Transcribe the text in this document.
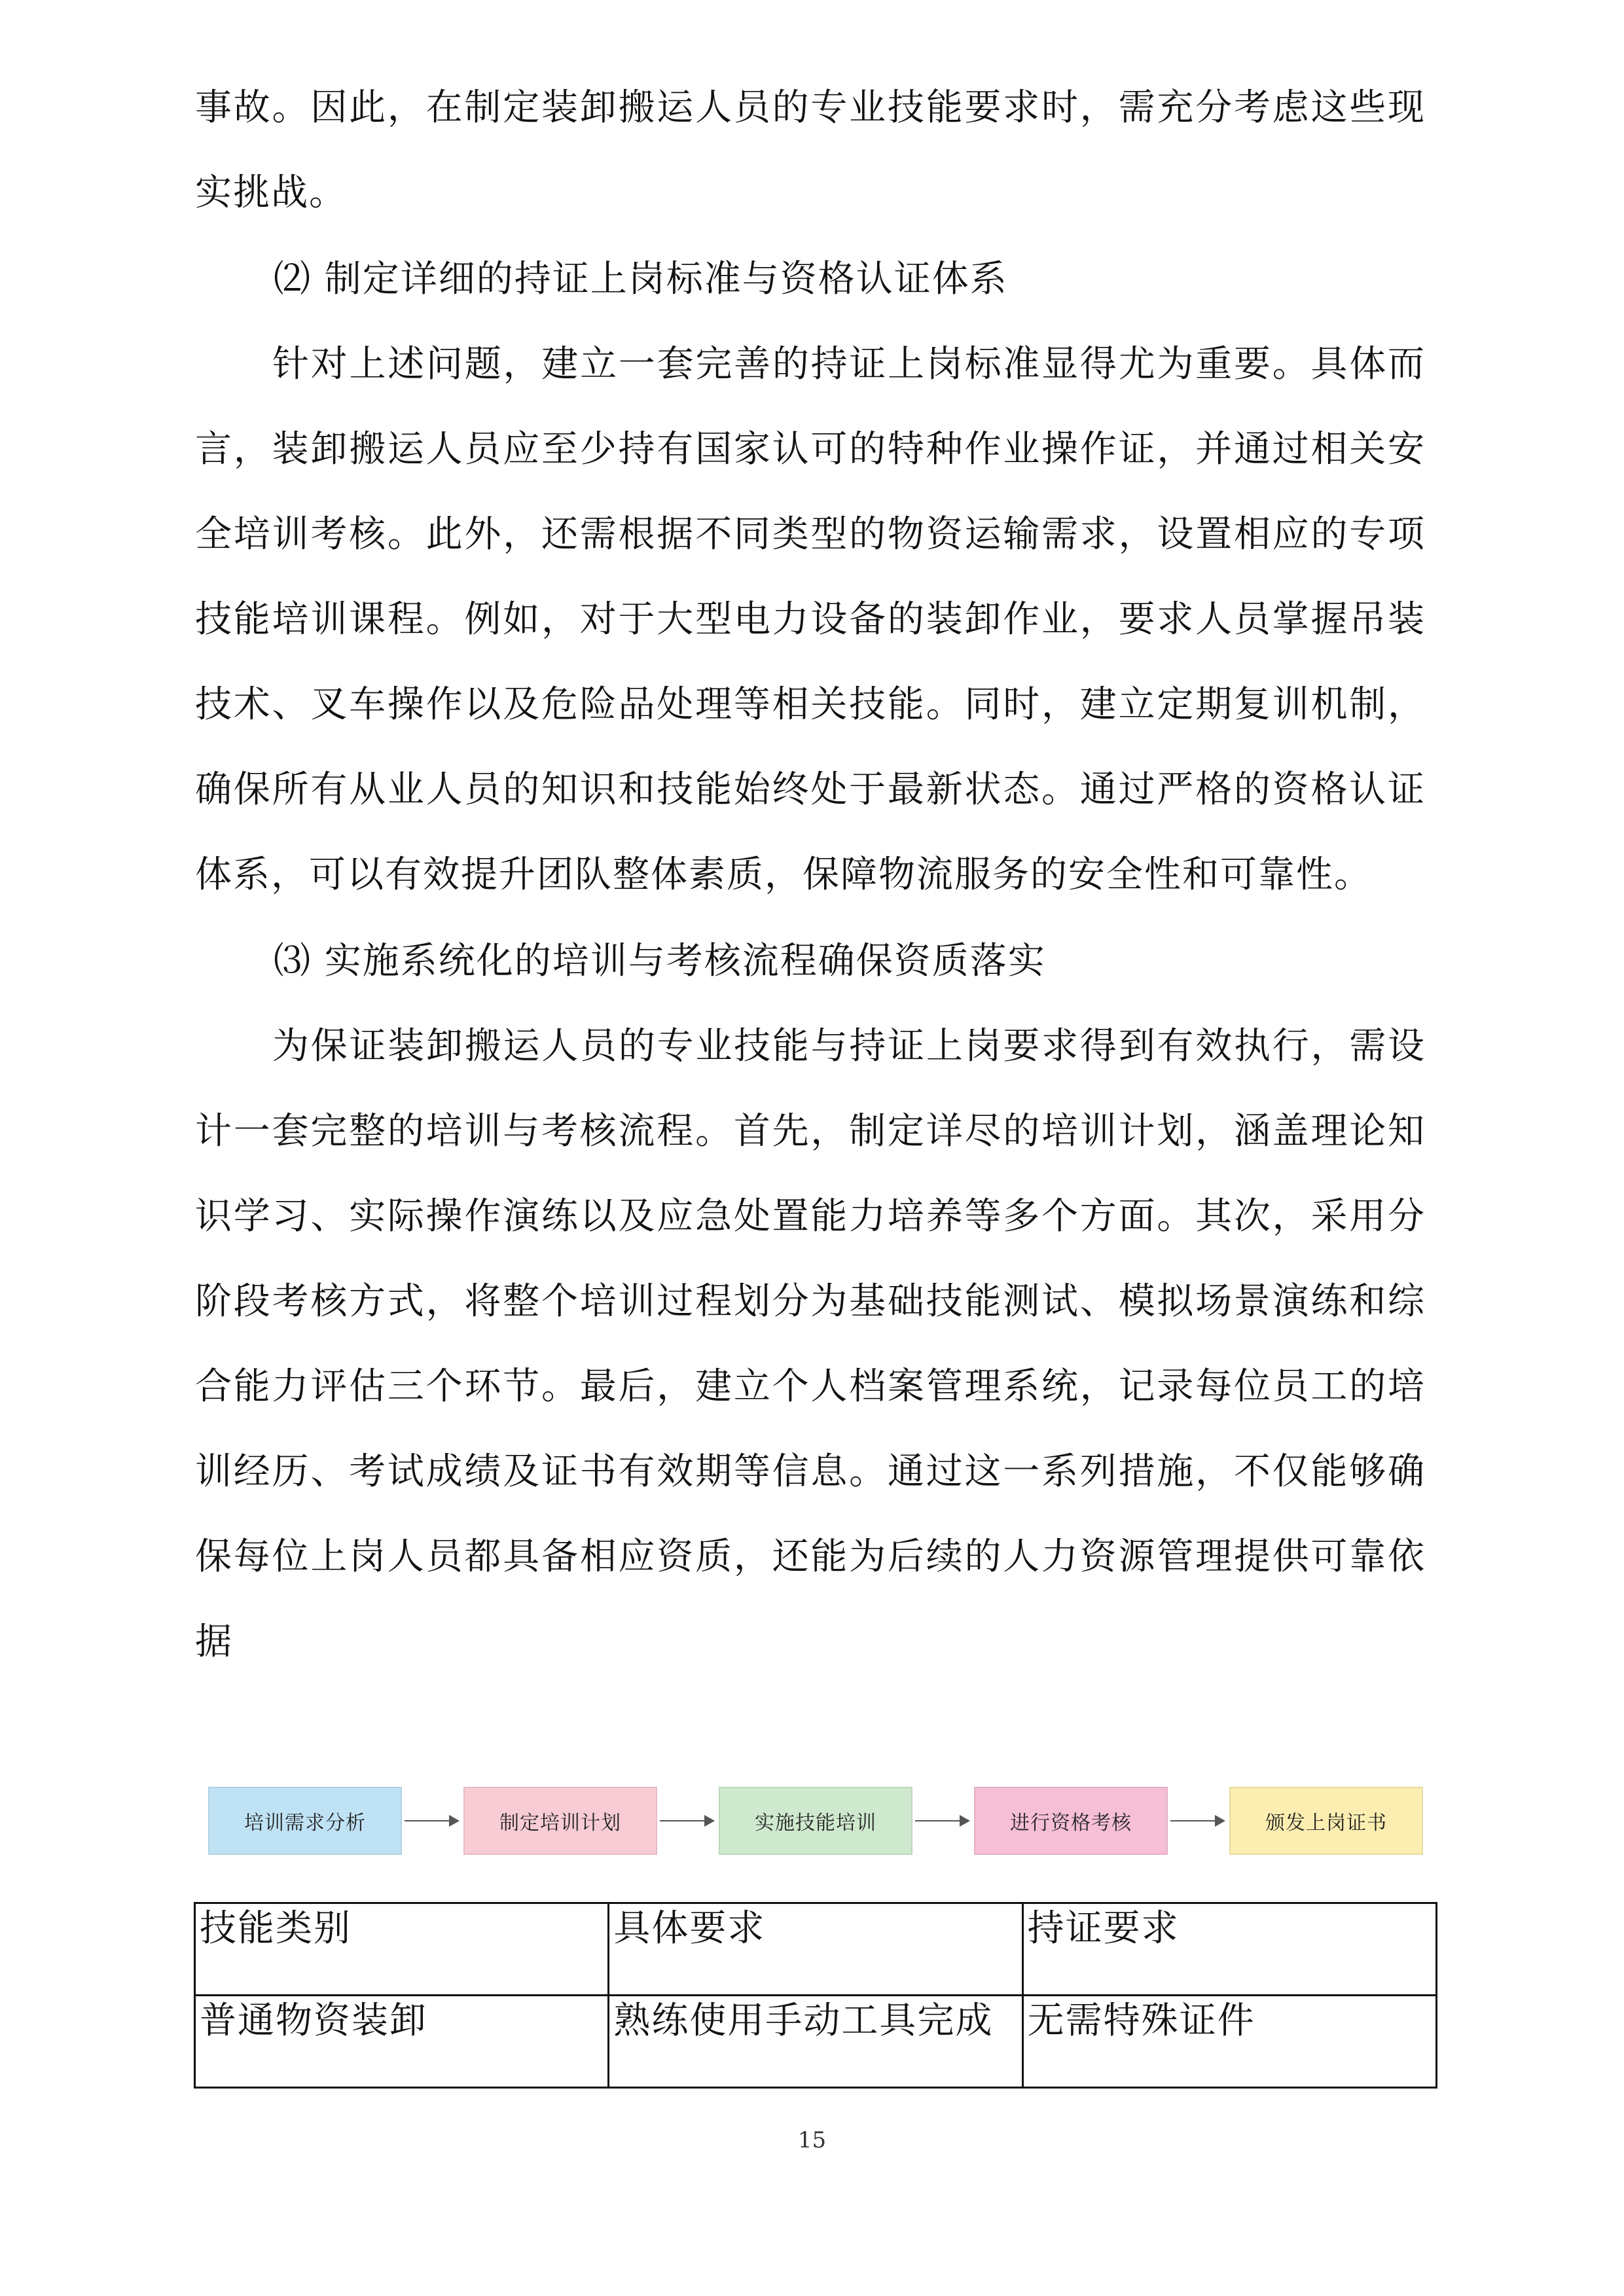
事故。因此，在制定装卸搬运人员的专业技能要求时，需充分考虑这些现实挑战。

⑵ 制定详细的持证上岗标准与资格认证体系

针对上述问题，建立一套完善的持证上岗标准显得尤为重要。具体而言，装卸搬运人员应至少持有国家认可的特种作业操作证，并通过相关安全培训考核。此外，还需根据不同类型的物资运输需求，设置相应的专项技能培训课程。例如，对于大型电力设备的装卸作业，要求人员掌握吊装技术、叉车操作以及危险品处理等相关技能。同时，建立定期复训机制，确保所有从业人员的知识和技能始终处于最新状态。通过严格的资格认证体系，可以有效提升团队整体素质，保障物流服务的安全性和可靠性。

⑶ 实施系统化的培训与考核流程确保资质落实

为保证装卸搬运人员的专业技能与持证上岗要求得到有效执行，需设计一套完整的培训与考核流程。首先，制定详尽的培训计划，涵盖理论知识学习、实际操作演练以及应急处置能力培养等多个方面。其次，采用分阶段考核方式，将整个培训过程划分为基础技能测试、模拟场景演练和综合能力评估三个环节。最后，建立个人档案管理系统，记录每位员工的培训经历、考试成绩及证书有效期等信息。通过这一系列措施，不仅能够确保每位上岗人员都具备相应资质，还能为后续的人力资源管理提供可靠依据

培训需求分析	制定培训计划	实施技能培训	进行资格考核	颁发上岗证书
技能类别	具体要求	持证要求
普通物资装卸	熟练使用手动工具完成	无需特殊证件
15
